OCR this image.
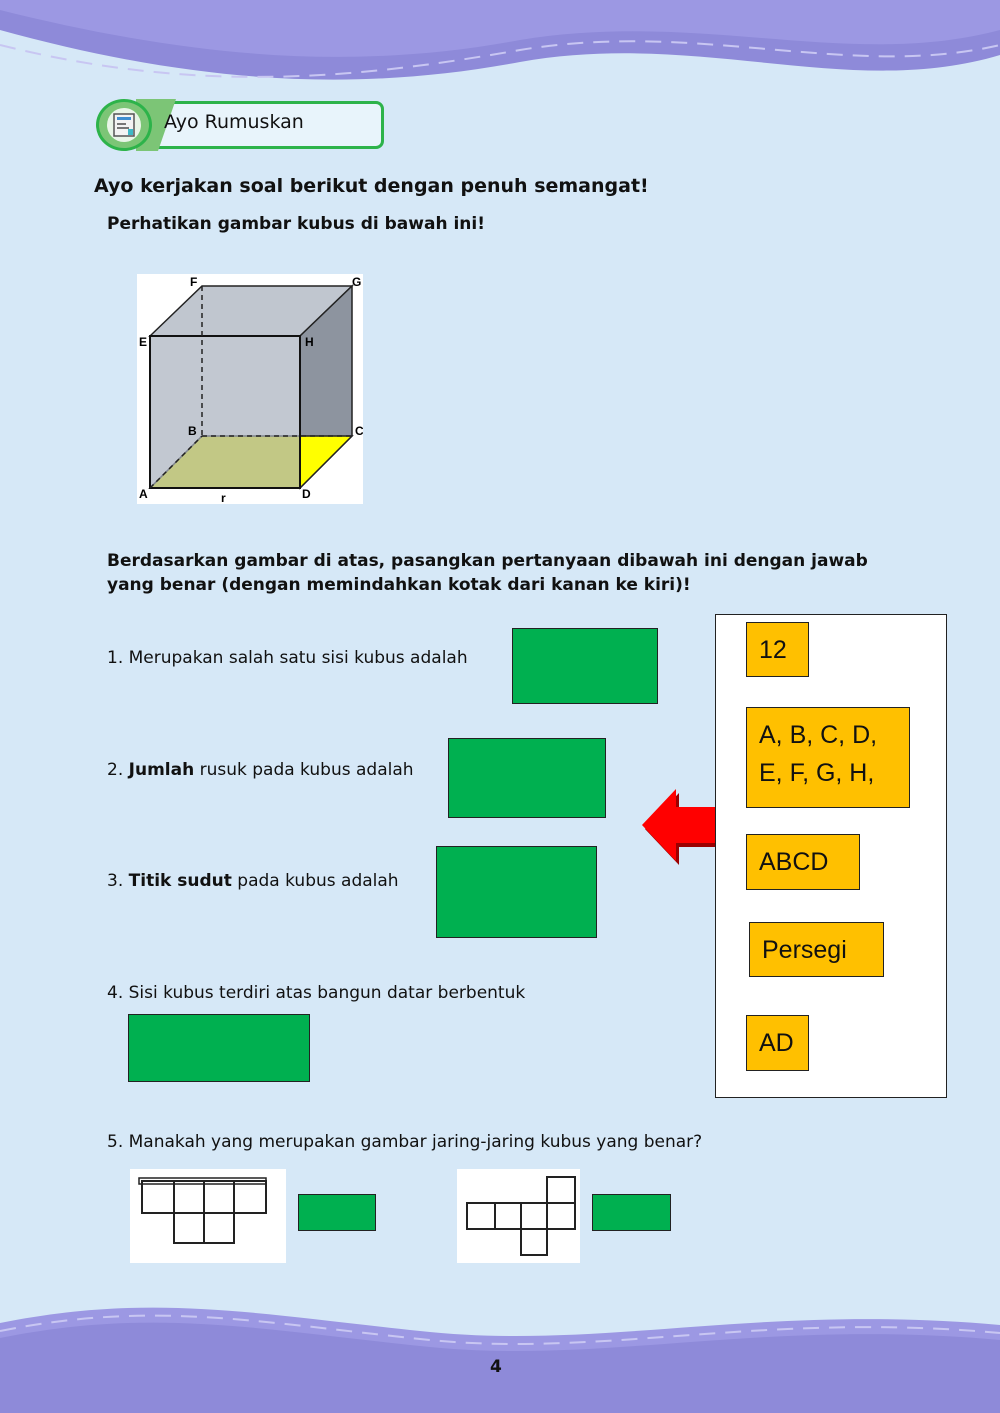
Ayo Rumuskan
Ayo kerjakan soal berikut dengan penuh semangat!
Perhatikan gambar kubus di bawah ini!
F	G
E	H
B	C
A	D
r
Berdasarkan gambar di atas, pasangkan pertanyaan dibawah ini dengan jawab yang benar (dengan memindahkan kotak dari kanan ke kiri)!
1. Merupakan salah satu sisi kubus adalah
2. Jumlah rusuk pada kubus adalah
3. Titik sudut pada kubus adalah
4. Sisi kubus terdiri atas bangun datar berbentuk
12
A, B, C, D,
E, F, G, H,
ABCD
Persegi
AD
5. Manakah yang merupakan gambar jaring-jaring kubus yang benar?
4
